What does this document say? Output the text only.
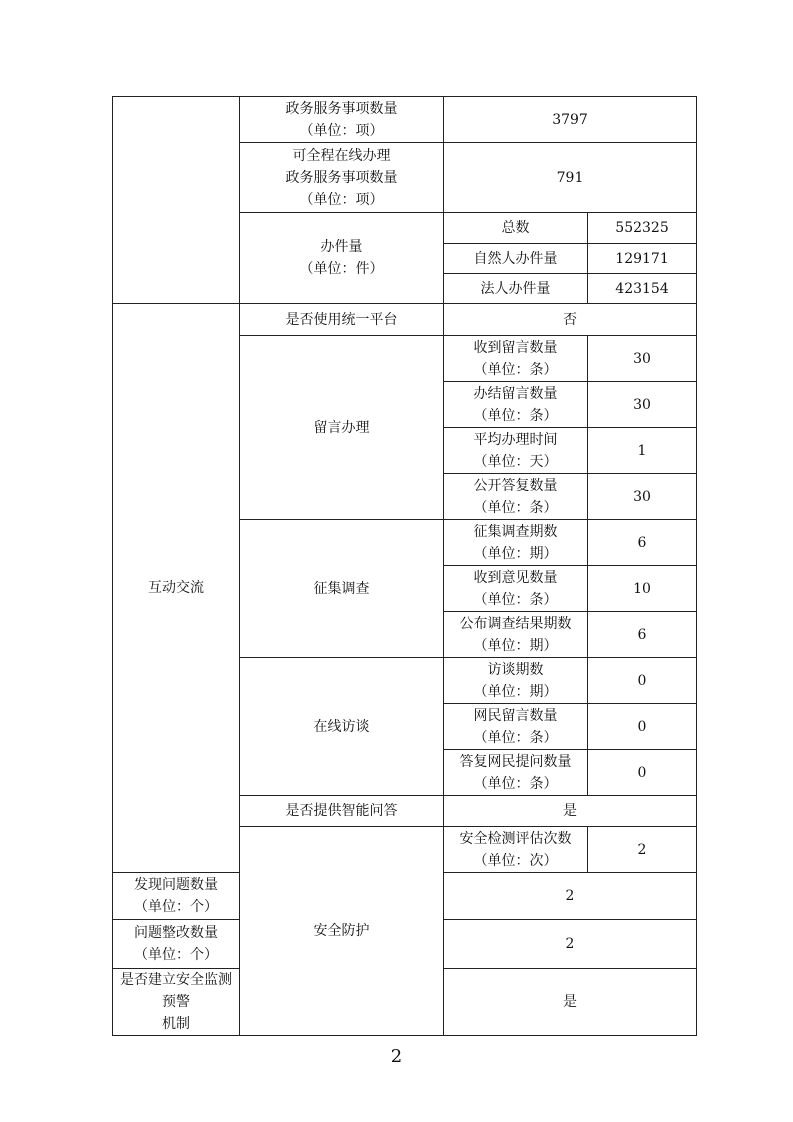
	政务服务事项数量
（单位：项）	3797	

	可全程在线办理
政务服务事项数量
（单位：项）	791	

	办件量
（单位：件）	总数	552325
		自然人办件量	129171
		法人办件量	423154
互动交流	是否使用统一平台	否	
	留言办理	收到留言数量
（单位：条）	30

		办结留言数量
（单位：条）	30

		平均办理时间
（单位：天）	1

		公开答复数量
（单位：条）	30
	征集调查	征集调查期数
（单位：期）	6

		收到意见数量
（单位：条）	10

		公布调查结果期数
（单位：期）	6
	在线访谈	访谈期数
（单位：期）	0

		网民留言数量
（单位：条）	0

		答复网民提问数量
（单位：条）	0
	是否提供智能问答	是	
	安全防护	安全检测评估次数
（单位：次）	2

发现问题数量
（单位：个）		2	

问题整改数量
（单位：个）		2	

是否建立安全监测预警
机制		是	
2
